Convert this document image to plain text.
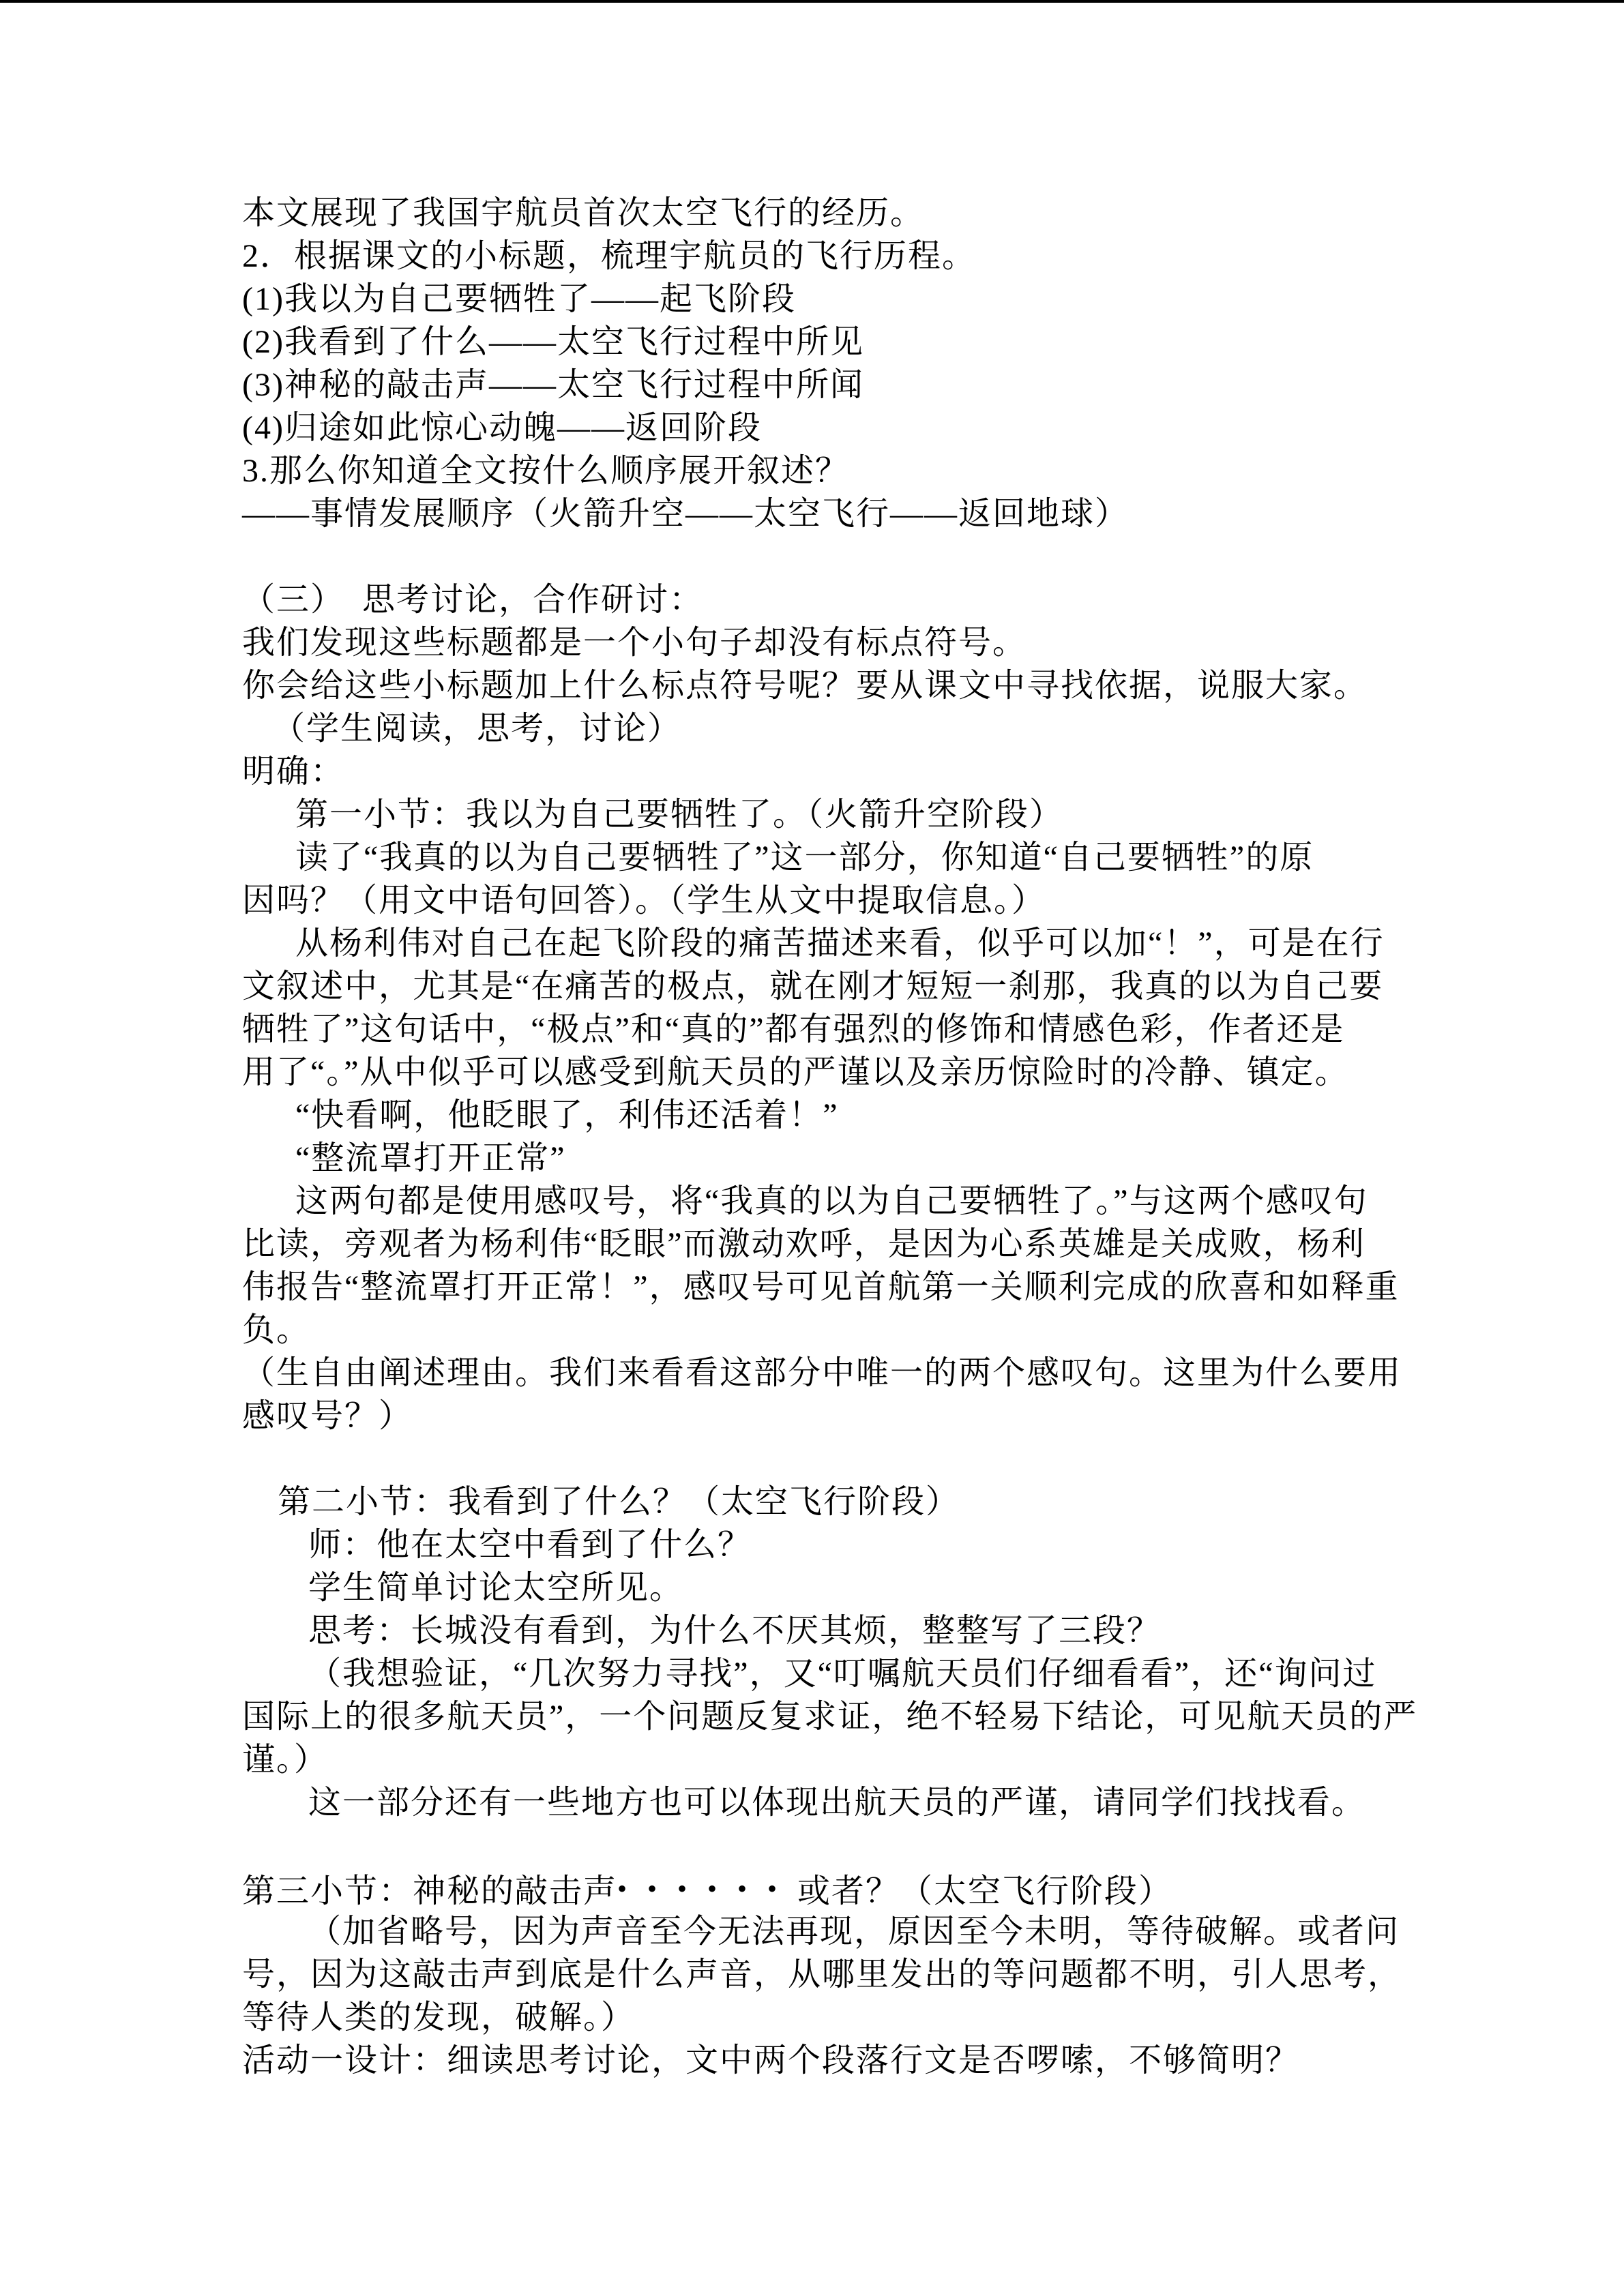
本文展现了我国宇航员首次太空飞行的经历。
2．根据课文的小标题，梳理宇航员的飞行历程。
(1)我以为自己要牺牲了——起飞阶段
(2)我看到了什么——太空飞行过程中所见
(3)神秘的敲击声——太空飞行过程中所闻
(4)归途如此惊心动魄——返回阶段
3.那么你知道全文按什么顺序展开叙述？
——事情发展顺序（火箭升空——太空飞行——返回地球）

（三）　思考讨论，合作研讨：
我们发现这些标题都是一个小句子却没有标点符号。
你会给这些小标题加上什么标点符号呢？要从课文中寻找依据，说服大家。
（学生阅读，思考，讨论）
明确：
第一小节：我以为自己要牺牲了。（火箭升空阶段）
读了“我真的以为自己要牺牲了”这一部分，你知道“自己要牺牲”的原
因吗？（用文中语句回答）。（学生从文中提取信息。）
从杨利伟对自己在起飞阶段的痛苦描述来看，似乎可以加“！”，可是在行
文叙述中，尤其是“在痛苦的极点，就在刚才短短一刹那，我真的以为自己要
牺牲了”这句话中，“极点”和“真的”都有强烈的修饰和情感色彩，作者还是
用了“。”从中似乎可以感受到航天员的严谨以及亲历惊险时的冷静、镇定。
“快看啊，他眨眼了，利伟还活着！”
“整流罩打开正常”
这两句都是使用感叹号，将“我真的以为自己要牺牲了。”与这两个感叹句
比读，旁观者为杨利伟“眨眼”而激动欢呼，是因为心系英雄是关成败，杨利
伟报告“整流罩打开正常！”，感叹号可见首航第一关顺利完成的欣喜和如释重
负。
（生自由阐述理由。我们来看看这部分中唯一的两个感叹句。这里为什么要用
感叹号？）

第二小节：我看到了什么？（太空飞行阶段）
师：他在太空中看到了什么？
学生简单讨论太空所见。
思考：长城没有看到，为什么不厌其烦，整整写了三段？
（我想验证，“几次努力寻找”，又“叮嘱航天员们仔细看看”，还“询问过
国际上的很多航天员”，一个问题反复求证，绝不轻易下结论，可见航天员的严
谨。）
这一部分还有一些地方也可以体现出航天员的严谨，请同学们找找看。

第三小节：神秘的敲击声••••••或者？（太空飞行阶段）
（加省略号，因为声音至今无法再现，原因至今未明，等待破解。或者问
号，因为这敲击声到底是什么声音，从哪里发出的等问题都不明，引人思考，
等待人类的发现，破解。）
活动一设计：细读思考讨论，文中两个段落行文是否啰嗦，不够简明？
